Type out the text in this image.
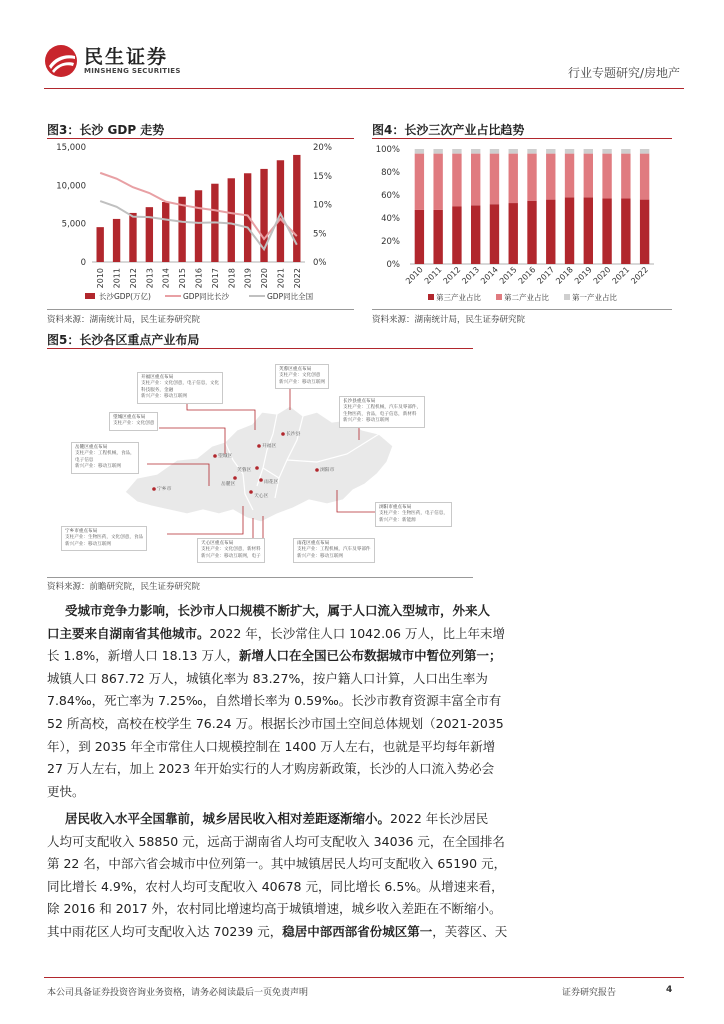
民生证券
MINSHENG SECURITIES	行业专题研究/房地产
图3：长沙 GDP 走势
0
5,000
10,000
15,000
0%
5%
10%
15%
20%
2010 2011 2012 2013 2014 2015 2016 2017 2018 2019 2020 2021 2022
长沙GDP(万亿)	GDP同比长沙	GDP同比全国
资料来源：湖南统计局，民生证券研究院
图4：长沙三次产业占比趋势
0%
20%
40%
60%
80%
100%
2010
2011
2012
2013
2014
2015
2016
2017
2018
2019
2020
2021
2022
第三产业占比	第二产业占比	第一产业占比
资料来源：湖南统计局，民生证券研究院
图5：长沙各区重点产业布局
宁乡市
望城区
开福区
长沙县
浏阳市
岳麓区
天心区
雨花区
芙蓉区
开福区重点布局
支柱产业：文化创意，电子信息，文化
科技服务，金融
新兴产业：移动互联网
芙蓉区重点布局
支柱产业：文化创意
新兴产业：移动互联网
长沙县重点布局
支柱产业：工程机械，汽车及零部件，
生物医药，食品，电子信息，新材料
新兴产业：移动互联网
望城区重点布局
支柱产业：文化创意
岳麓区重点布局
支柱产业：工程机械，食品，
电子信息
新兴产业：移动互联网
浏阳市重点布局
支柱产业：生物医药，电子信息，
新兴产业：新能源
宁乡市重点布局
支柱产业：生物医药，文化创意，食品
新兴产业：移动互联网	天心区重点布局
支柱产业：文化创意，新材料
新兴产业：移动互联网，电子
雨花区重点布局
支柱产业：工程机械，汽车及零部件
新兴产业：移动互联网
资料来源：前瞻研究院，民生证券研究院
受城市竞争力影响，长沙市人口规模不断扩大，属于人口流入型城市，外来人
口主要来自湖南省其他城市。2022 年，长沙常住人口 1042.06 万人，比上年末增
长 1.8%，新增人口 18.13 万人，新增人口在全国已公布数据城市中暂位列第一；
城镇人口 867.72 万人，城镇化率为 83.27%，按户籍人口计算，人口出生率为
7.84‰，死亡率为 7.25‰，自然增长率为 0.59‰。长沙市教育资源丰富全市有
52 所高校，高校在校学生 76.24 万。根据长沙市国土空间总体规划（2021-2035
年），到 2035 年全市常住人口规模控制在 1400 万人左右，也就是平均每年新增
27 万人左右，加上 2023 年开始实行的人才购房新政策，长沙的人口流入势必会
更快。
居民收入水平全国靠前，城乡居民收入相对差距逐渐缩小。2022 年长沙居民
人均可支配收入 58850 元，远高于湖南省人均可支配收入 34036 元，在全国排名
第 22 名，中部六省会城市中位列第一。其中城镇居民人均可支配收入 65190 元，
同比增长 4.9%，农村人均可支配收入 40678 元，同比增长 6.5%。从增速来看，
除 2016 和 2017 外，农村同比增速均高于城镇增速，城乡收入差距在不断缩小。
其中雨花区人均可支配收入达 70239 元，稳居中部西部省份城区第一，芙蓉区、天
本公司具备证券投资咨询业务资格，请务必阅读最后一页免责声明	证券研究报告	4
